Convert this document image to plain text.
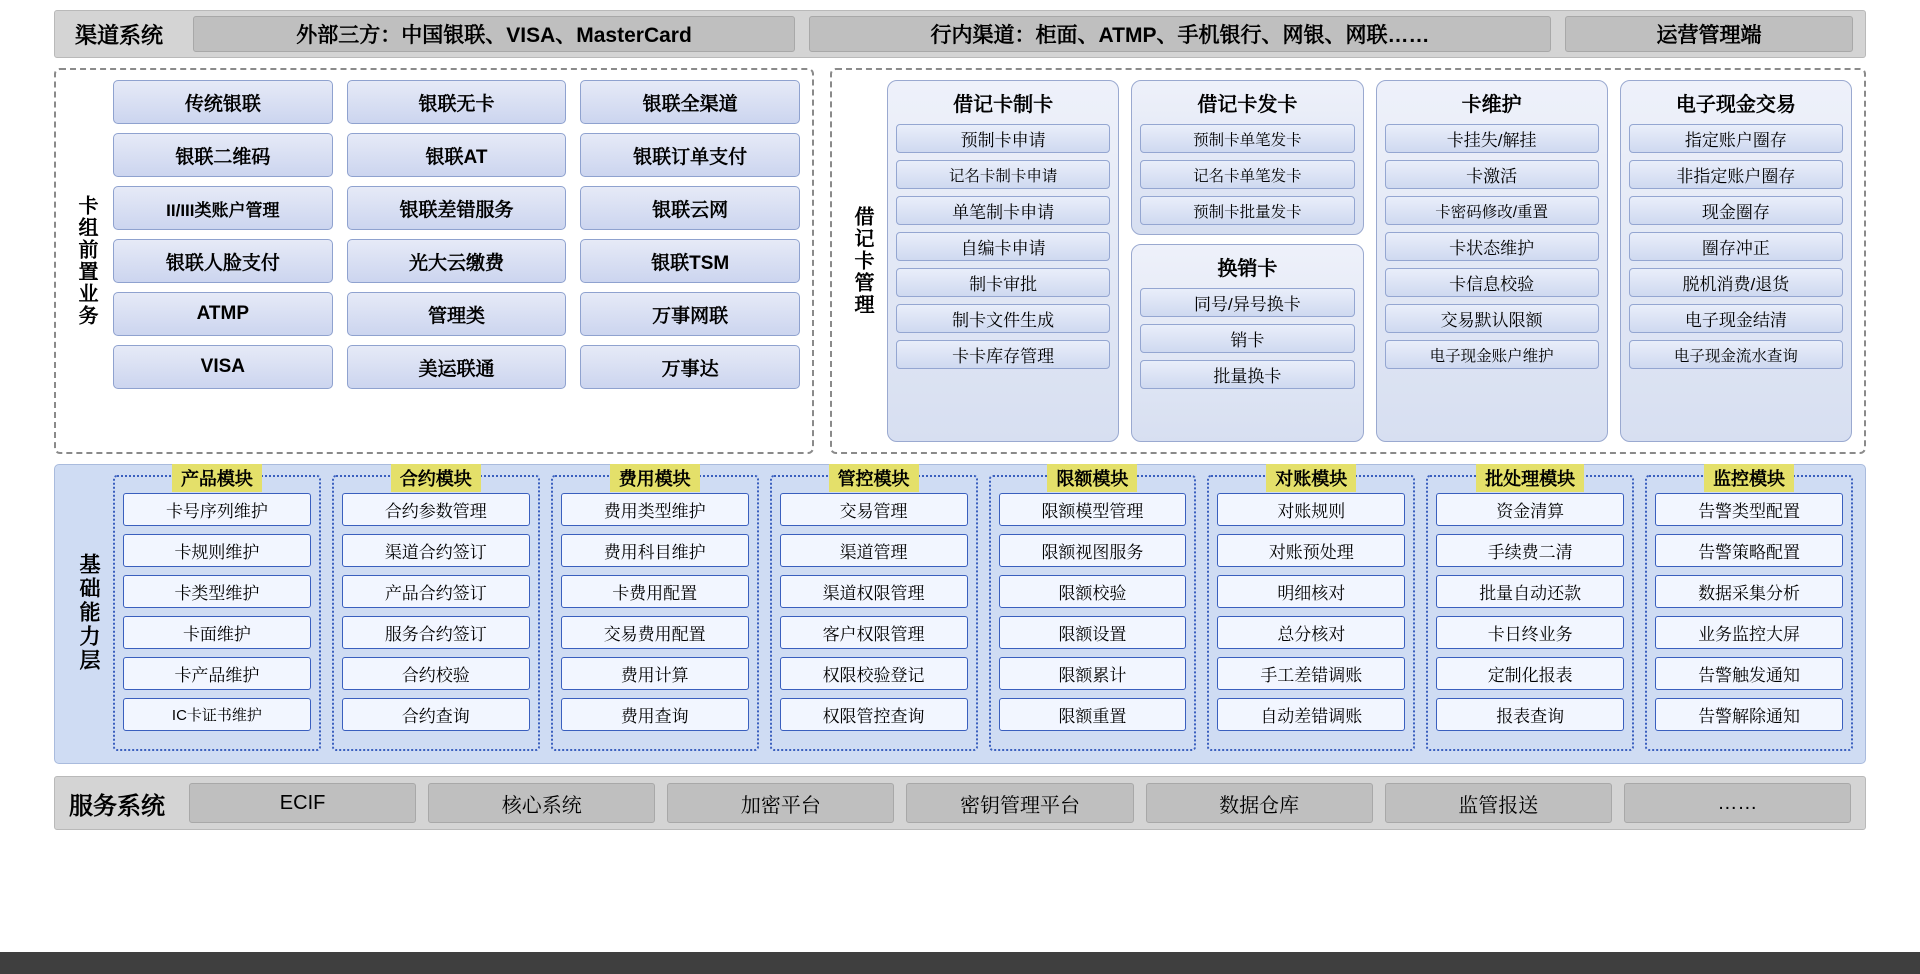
渠道系统	外部三方：中国银联、VISA、MasterCard	行内渠道：柜面、ATMP、手机银行、网银、网联……	运营管理端
卡组前置业务
传统银联	银联无卡	银联全渠道
银联二维码	银联AT	银联订单支付
II/III类账户管理	银联差错服务	银联云网
银联人脸支付	光大云缴费	银联TSM
ATMP	管理类	万事网联
VISA	美运联通	万事达
借记卡管理
借记卡制卡
预制卡申请
记名卡制卡申请
单笔制卡申请
自编卡申请
制卡审批
制卡文件生成
卡卡库存管理
借记卡发卡
预制卡单笔发卡
记名卡单笔发卡
预制卡批量发卡
换销卡
同号/异号换卡
销卡
批量换卡
卡维护
卡挂失/解挂
卡激活
卡密码修改/重置
卡状态维护
卡信息校验
交易默认限额
电子现金账户维护
电子现金交易
指定账户圈存
非指定账户圈存
现金圈存
圈存冲正
脱机消费/退货
电子现金结清
电子现金流水查询
基础能力层
产品模块
卡号序列维护
卡规则维护
卡类型维护
卡面维护
卡产品维护
IC卡证书维护
合约模块
合约参数管理
渠道合约签订
产品合约签订
服务合约签订
合约校验
合约查询
费用模块
费用类型维护
费用科目维护
卡费用配置
交易费用配置
费用计算
费用查询
管控模块
交易管理
渠道管理
渠道权限管理
客户权限管理
权限校验登记
权限管控查询
限额模块
限额模型管理
限额视图服务
限额校验
限额设置
限额累计
限额重置
对账模块
对账规则
对账预处理
明细核对
总分核对
手工差错调账
自动差错调账
批处理模块
资金清算
手续费二清
批量自动还款
卡日终业务
定制化报表
报表查询
监控模块
告警类型配置
告警策略配置
数据采集分析
业务监控大屏
告警触发通知
告警解除通知
服务系统	ECIF	核心系统	加密平台	密钥管理平台	数据仓库	监管报送	……
